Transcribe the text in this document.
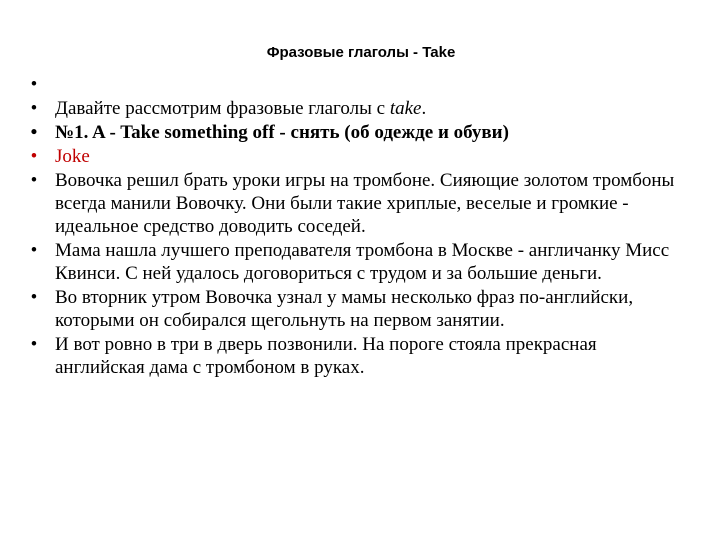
Фразовые глаголы - Take
•
• Давайте рассмотрим фразовые глаголы с take.
• №1. A - Take something off - снять (об одежде и обуви)
• Joke
• Вовочка решил брать уроки игры на тромбоне. Сияющие золотом тромбоны всегда манили Вовочку. Они были такие хриплые, веселые и громкие - идеальное средство доводить соседей.
• Мама нашла лучшего преподавателя тромбона в Москве - англичанку Мисс Квинси. С ней удалось договориться с трудом и за большие деньги.
• Во вторник утром Вовочка узнал у мамы несколько фраз по-английски, которыми он собирался щегольнуть на первом занятии.
• И вот ровно в три в дверь позвонили. На пороге стояла прекрасная английская дама с тромбоном в руках.
